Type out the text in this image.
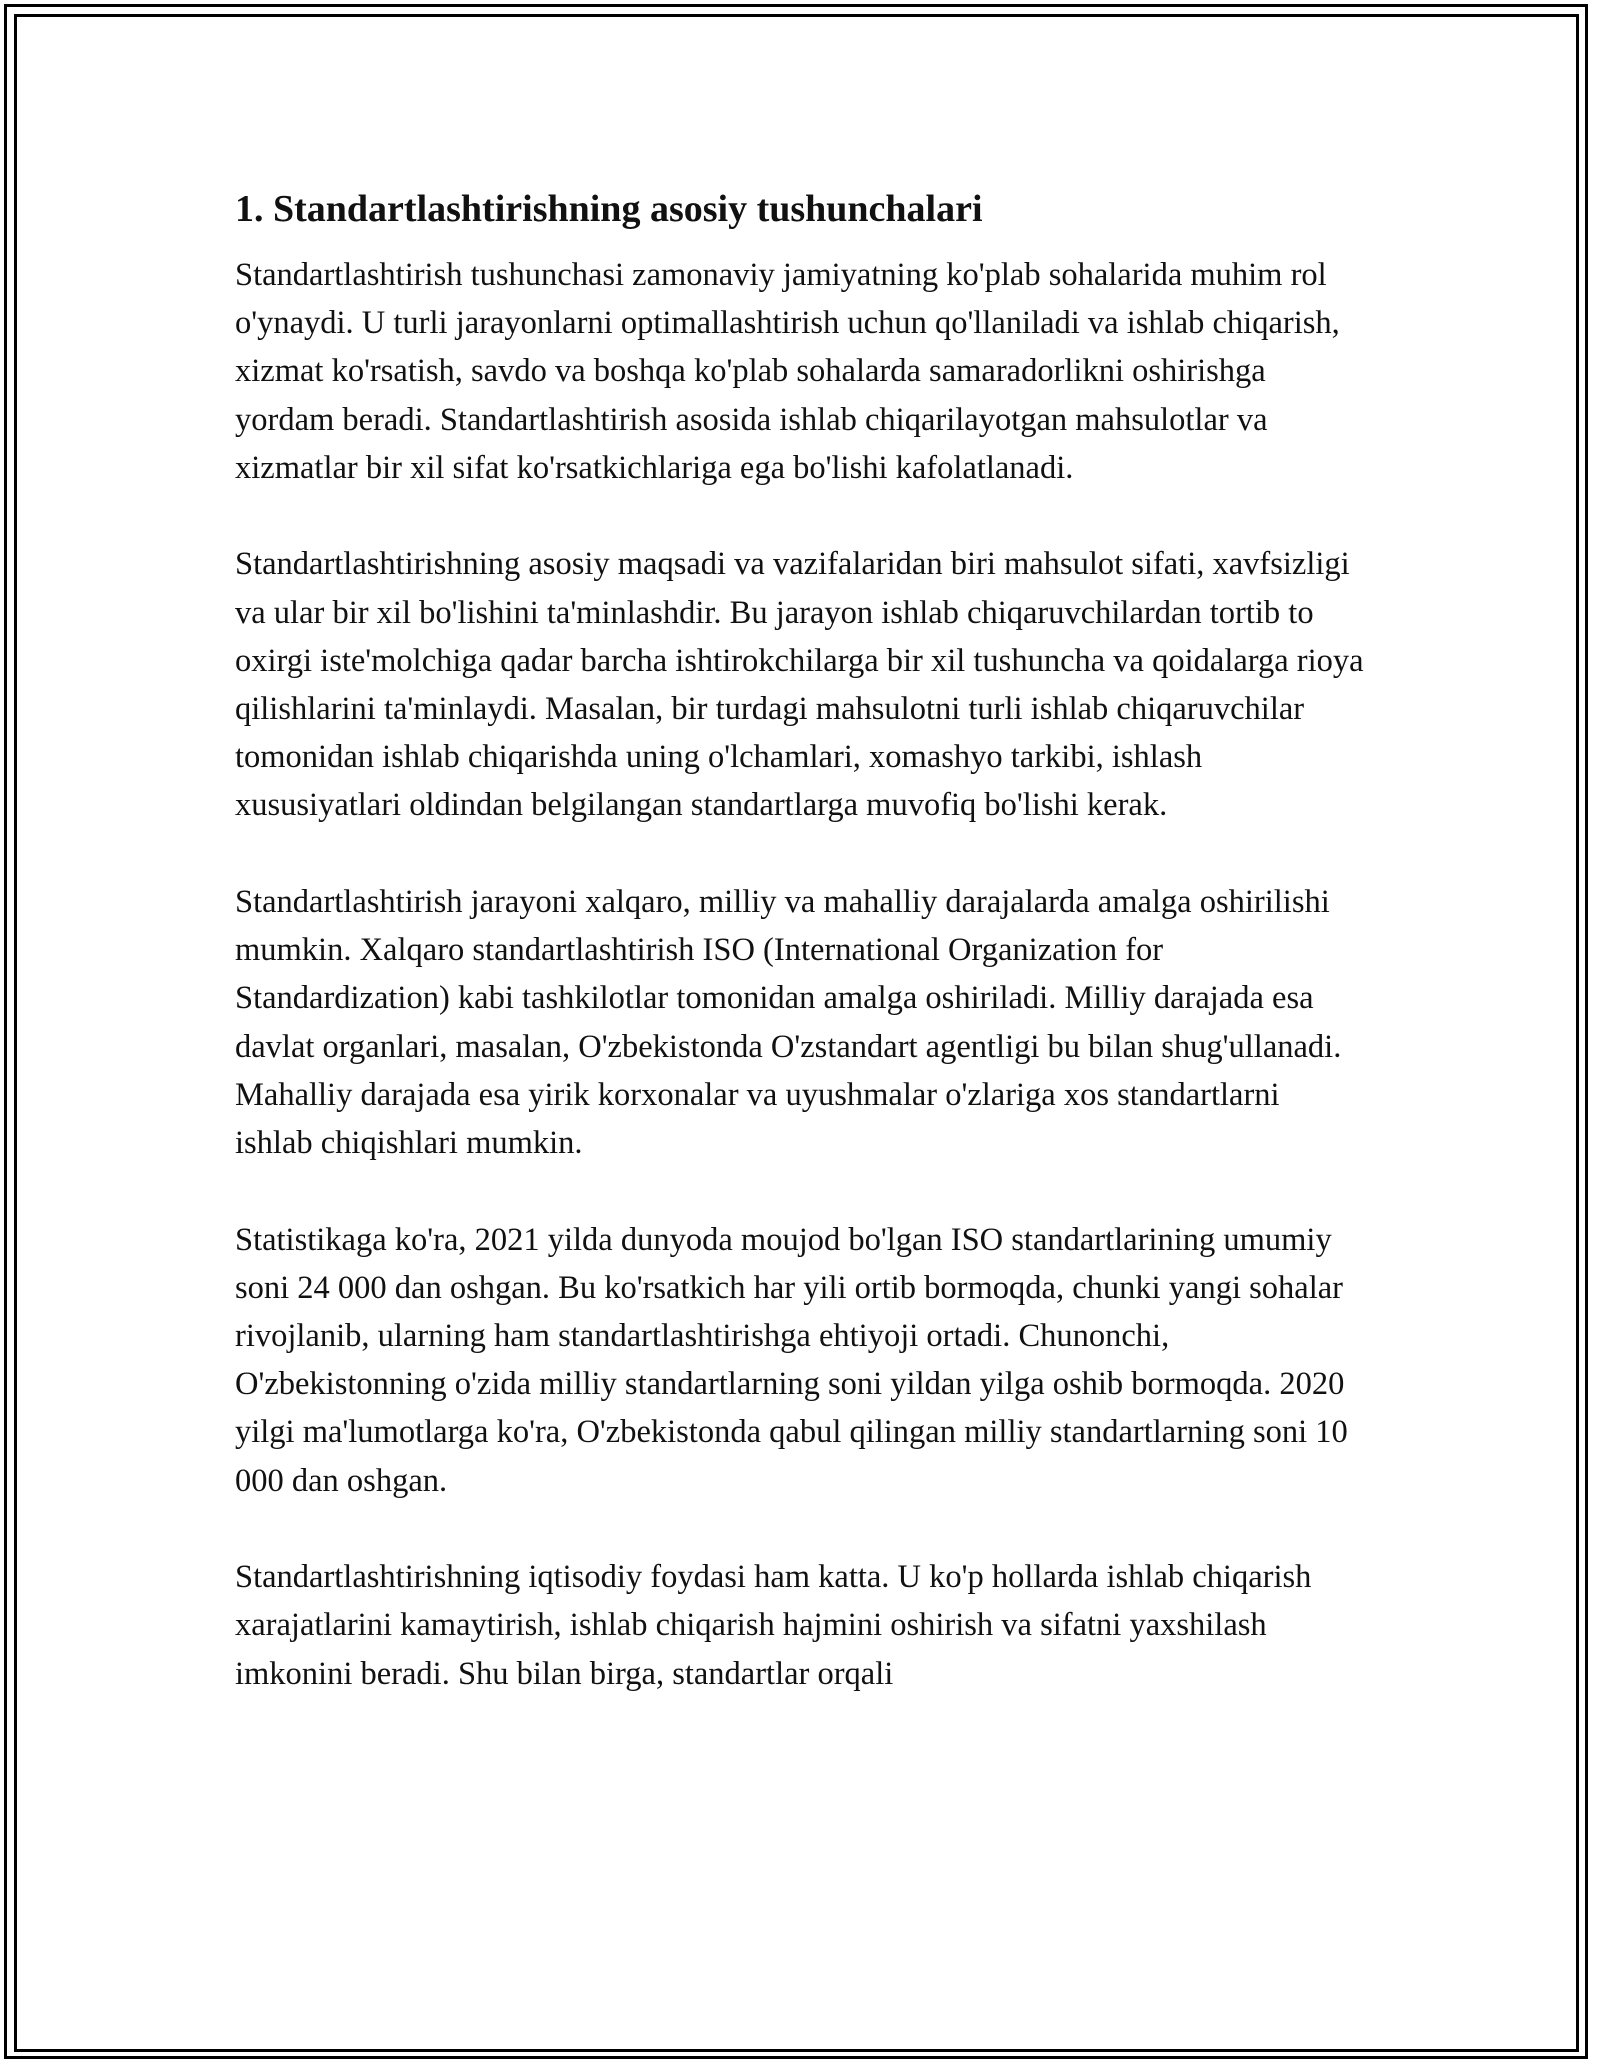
1. Standartlashtirishning asosiy tushunchalari

Standartlashtirish tushunchasi zamonaviy jamiyatning ko'plab sohalarida muhim rol o'ynaydi. U turli jarayonlarni optimallashtirish uchun qo'llaniladi va ishlab chiqarish, xizmat ko'rsatish, savdo va boshqa ko'plab sohalarda samaradorlikni oshirishga yordam beradi. Standartlashtirish asosida ishlab chiqarilayotgan mahsulotlar va xizmatlar bir xil sifat ko'rsatkichlariga ega bo'lishi kafolatlanadi.

Standartlashtirishning asosiy maqsadi va vazifalaridan biri mahsulot sifati, xavfsizligi va ular bir xil bo'lishini ta'minlashdir. Bu jarayon ishlab chiqaruvchilardan tortib to oxirgi iste'molchiga qadar barcha ishtirokchilarga bir xil tushuncha va qoidalarga rioya qilishlarini ta'minlaydi. Masalan, bir turdagi mahsulotni turli ishlab chiqaruvchilar tomonidan ishlab chiqarishda uning o'lchamlari, xomashyo tarkibi, ishlash xususiyatlari oldindan belgilangan standartlarga muvofiq bo'lishi kerak.

Standartlashtirish jarayoni xalqaro, milliy va mahalliy darajalarda amalga oshirilishi mumkin. Xalqaro standartlashtirish ISO (International Organization for Standardization) kabi tashkilotlar tomonidan amalga oshiriladi. Milliy darajada esa davlat organlari, masalan, O'zbekistonda O'zstandart agentligi bu bilan shug'ullanadi. Mahalliy darajada esa yirik korxonalar va uyushmalar o'zlariga xos standartlarni ishlab chiqishlari mumkin.

Statistikaga ko'ra, 2021 yilda dunyoda moujod bo'lgan ISO standartlarining umumiy soni 24 000 dan oshgan. Bu ko'rsatkich har yili ortib bormoqda, chunki yangi sohalar rivojlanib, ularning ham standartlashtirishga ehtiyoji ortadi. Chunonchi, O'zbekistonning o'zida milliy standartlarning soni yildan yilga oshib bormoqda. 2020 yilgi ma'lumotlarga ko'ra, O'zbekistonda qabul qilingan milliy standartlarning soni 10 000 dan oshgan.

Standartlashtirishning iqtisodiy foydasi ham katta. U ko'p hollarda ishlab chiqarish xarajatlarini kamaytirish, ishlab chiqarish hajmini oshirish va sifatni yaxshilash imkonini beradi. Shu bilan birga, standartlar orqali
